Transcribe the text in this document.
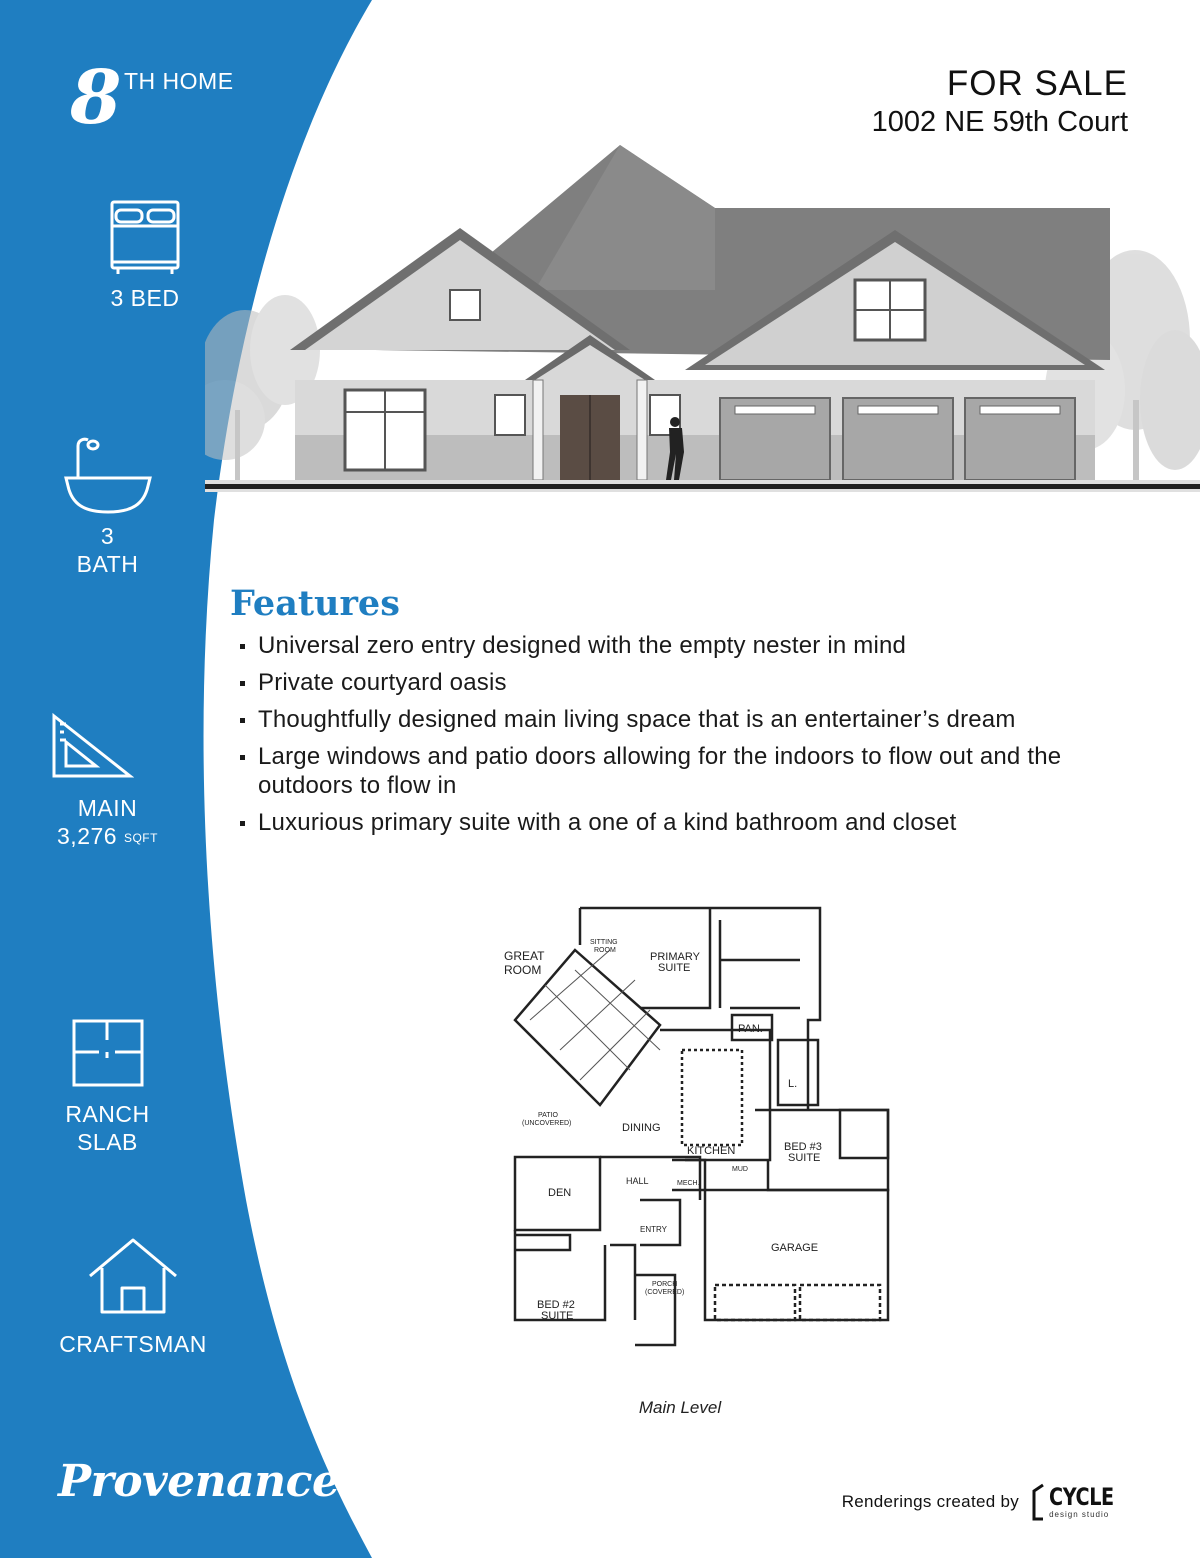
8 TH HOME
3 BED
3
BATH
MAIN
3,276 $^{SQFT}$
RANCH
SLAB
CRAFTSMAN
FOR SALE
1002 NE 59th Court
Features
Universal zero entry designed with the empty nester in mind
Private courtyard oasis
Thoughtfully designed main living space that is an entertainer’s dream
Large windows and patio doors allowing for the indoors to flow out and the outdoors to flow in
Luxurious primary suite with a one of a kind bathroom and closet
GREAT
ROOM
SITTING
ROOM
PRIMARY
SUITE
PAN.
L.
PATIO
(UNCOVERED)	DINING
KITCHEN	BED #3
SUITE
MUD
MECH.
HALL
DEN
ENTRY
GARAGE
PORCH
(COVERED)
BED #2
SUITE
Main Level
Provenance	Renderings created by CYCLE
design studio
